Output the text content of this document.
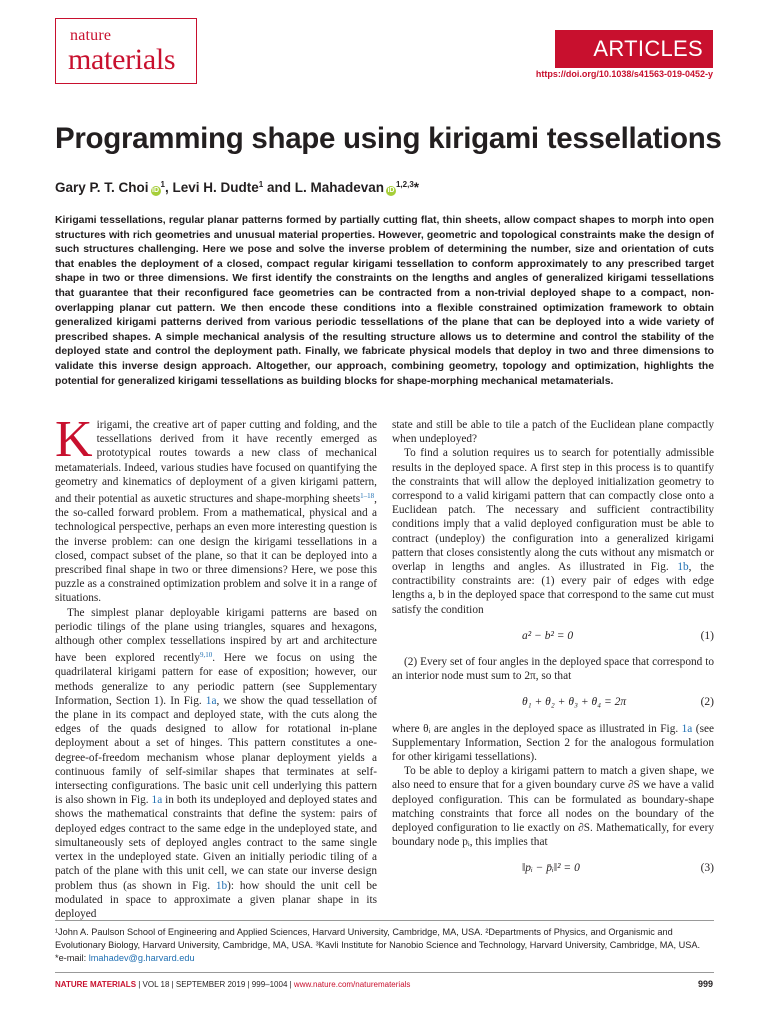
nature
materials	ARTICLES
https://doi.org/10.1038/s41563-019-0452-y
Programming shape using kirigami tessellations
Gary P. T. Choi $iD^1$, Levi H. Dudte$^1$ and L. Mahadevan iD$^{1,2,3}$*

Kirigami tessellations, regular planar patterns formed by partially cutting flat, thin sheets, allow compact shapes to morph into open structures with rich geometries and unusual material properties. However, geometric and topological constraints make the design of such structures challenging. Here we pose and solve the inverse problem of determining the number, size and orientation of cuts that enables the deployment of a closed, compact regular kirigami tessellation to conform approximately to any prescribed target shape in two or three dimensions. We first identify the constraints on the lengths and angles of generalized kirigami tessellations that guarantee that their reconfigured face geometries can be contracted from a non-trivial deployed shape to a compact, non-overlapping planar cut pattern. We then encode these conditions into a flexible constrained optimization framework to obtain generalized kirigami patterns derived from various periodic tessellations of the plane that can be deployed into a wide variety of prescribed shapes. A simple mechanical analysis of the resulting structure allows us to determine and control the stability of the deployed state and control the deployment path. Finally, we fabricate physical models that deploy in two and three dimensions to validate this inverse design approach. Altogether, our approach, combining geometry, topology and optimization, highlights the potential for generalized kirigami tessellations as building blocks for shape-morphing mechanical metamaterials.

Kirigami, the creative art of paper cutting and folding, and the tessellations derived from it have recently emerged as prototypical routes towards a new class of mechanical metamaterials. Indeed, various studies have focused on quantifying the geometry and kinematics of deployment of a given kirigami pattern, and their potential as auxetic structures and shape-morphing sheets$^{1-18}$, the so-called forward problem. From a mathematical, physical and a technological perspective, perhaps an even more interesting question is the inverse problem: can one design the kirigami tessellations in a closed, compact subset of the plane, so that it can be deployed into a prescribed final shape in two or three dimensions? Here, we pose this puzzle as a constrained optimization problem and solve it in a range of situations.

The simplest planar deployable kirigami patterns are based on periodic tilings of the plane using triangles, squares and hexagons, although other complex tessellations inspired by art and architecture have been explored recently$^{9,10}$. Here we focus on using the quadrilateral kirigami pattern for ease of exposition; however, our methods generalize to any periodic pattern (see Supplementary Information, Section 1). In Fig. 1a, we show the quad tessellation of the plane in its compact and deployed state, with the cuts along the edges of the quads designed to allow for rotational in-plane deployment about a set of hinges. This pattern constitutes a one-degree-of-freedom mechanism whose planar deployment yields a continuous family of self-similar shapes that terminates at self-intersecting configurations. The basic unit cell underlying this pattern is also shown in Fig. 1a in both its undeployed and deployed states and shows the mathematical constraints that define the system: pairs of deployed edges contract to the same edge in the undeployed state, and simultaneously sets of deployed angles contract to the same single vertex in the undeployed state. Given an initially periodic tiling of a patch of the plane with this unit cell, we can state our inverse design problem thus (as shown in Fig. 1b): how should the unit cell be modulated in space to approximate a given planar shape in its deployed

state and still be able to tile a patch of the Euclidean plane compactly when undeployed?

To find a solution requires us to search for potentially admissible results in the deployed space. A first step in this process is to quantify the constraints that will allow the deployed initialization geometry to correspond to a valid kirigami pattern that can compactly close onto a Euclidean patch. The necessary and sufficient contractibility conditions imply that a valid deployed configuration must be able to contract (undeploy) the configuration into a generalized kirigami pattern that closes consistently along the cuts without any mismatch or overlap in lengths and angles. As illustrated in Fig. 1b, the contractibility constraints are: (1) every pair of edges with edge lengths a, b in the deployed space that correspond to the same cut must satisfy the condition

a² − b² = 0	(1)

(2) Every set of four angles in the deployed space that correspond to an interior node must sum to 2π, so that

θ₁ + θ₂ + θ₃ + θ₄ = 2π	(2)

where θᵢ are angles in the deployed space as illustrated in Fig. 1a (see Supplementary Information, Section 2 for the analogous formulation for other kirigami tessellations).

To be able to deploy a kirigami pattern to match a given shape, we also need to ensure that for a given boundary curve ∂S we have a valid deployed configuration. This can be formulated as boundary-shape matching constraints that force all nodes on the boundary of the deployed configuration to lie exactly on ∂S. Mathematically, for every boundary node pᵢ, this implies that

‖pᵢ − p̄ᵢ‖² = 0	(3)
¹John A. Paulson School of Engineering and Applied Sciences, Harvard University, Cambridge, MA, USA. ²Departments of Physics, and Organismic and Evolutionary Biology, Harvard University, Cambridge, MA, USA. ³Kavli Institute for Nanobio Science and Technology, Harvard University, Cambridge, MA, USA. *e-mail: lmahadev@g.harvard.edu
NATURE MATERIALS | VOL 18 | SEPTEMBER 2019 | 999–1004 | www.nature.com/naturematerials	999
